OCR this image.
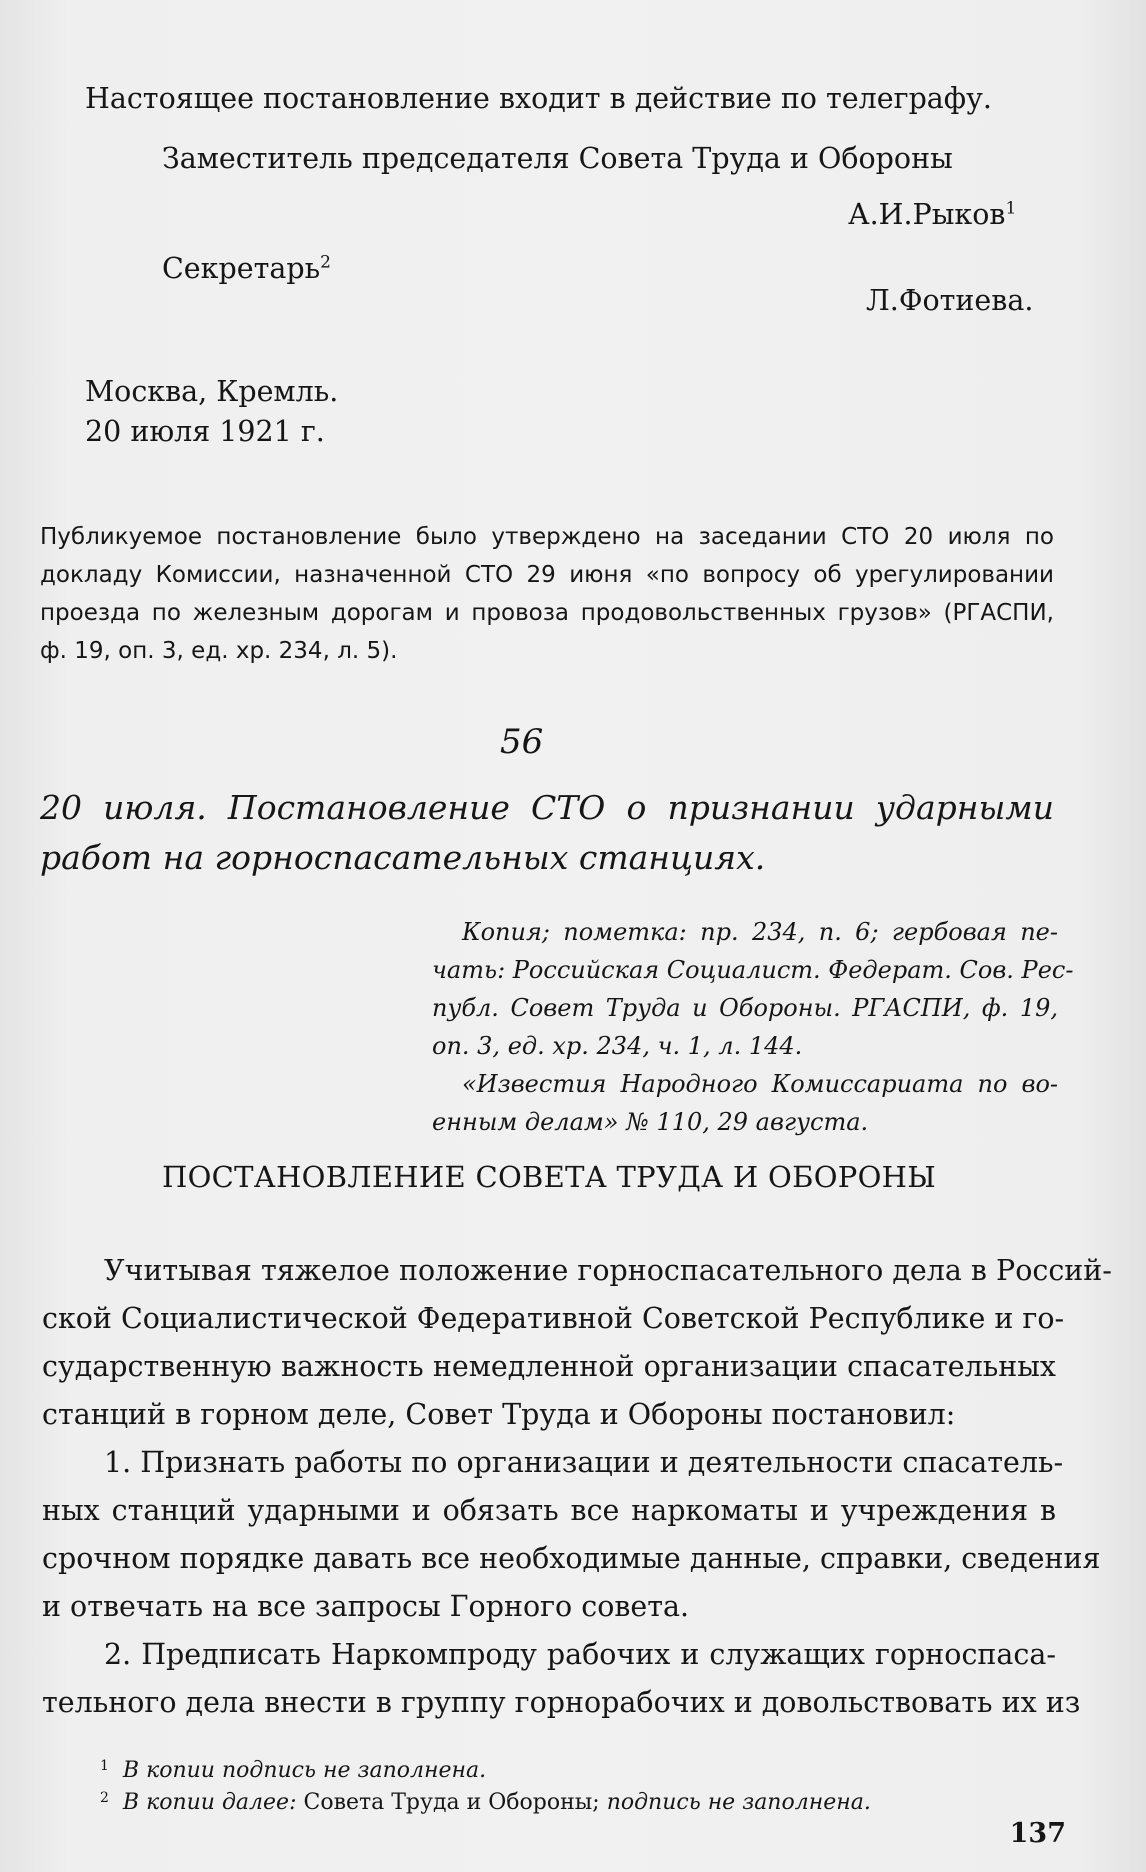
Настоящее постановление входит в действие по телеграфу.
Заместитель председателя Совета Труда и Обороны
А.И.Рыков$^1$
Секретарь$^2$
Л.Фотиева.
Москва, Кремль.
20 июля 1921 г.
Публикуемое постановление было утверждено на заседании СТО 20 июля по
докладу Комиссии, назначенной СТО 29 июня «по вопросу об урегулировании
проезда по железным дорогам и провоза продовольственных грузов» (РГАСПИ,
ф. 19, оп. 3, ед. хр. 234, л. 5).
56
20 июля. Постановление СТО о признании ударными
работ на горноспасательных станциях.
Копия; пометка: пр. 234, п. 6; гербовая пе-
чать: Российская Социалист. Федерат. Сов. Рес-
публ. Совет Труда и Обороны. РГАСПИ, ф. 19,
оп. 3, ед. хр. 234, ч. 1, л. 144.
«Известия Народного Комиссариата по во-
енным делам» № 110, 29 августа.
ПОСТАНОВЛЕНИЕ СОВЕТА ТРУДА И ОБОРОНЫ
Учитывая тяжелое положение горноспасательного дела в Россий-
ской Социалистической Федеративной Советской Республике и го-
сударственную важность немедленной организации спасательных
станций в горном деле, Совет Труда и Обороны постановил:
1. Признать работы по организации и деятельности спасатель-
ных станций ударными и обязать все наркоматы и учреждения в
срочном порядке давать все необходимые данные, справки, сведения
и отвечать на все запросы Горного совета.
2. Предписать Наркомпроду рабочих и служащих горноспаса-
тельного дела внести в группу горнорабочих и довольствовать их из
$^1$ В копии подпись не заполнена.
$^2$ В копии далее: Совета Труда и Обороны; подпись не заполнена.
137
